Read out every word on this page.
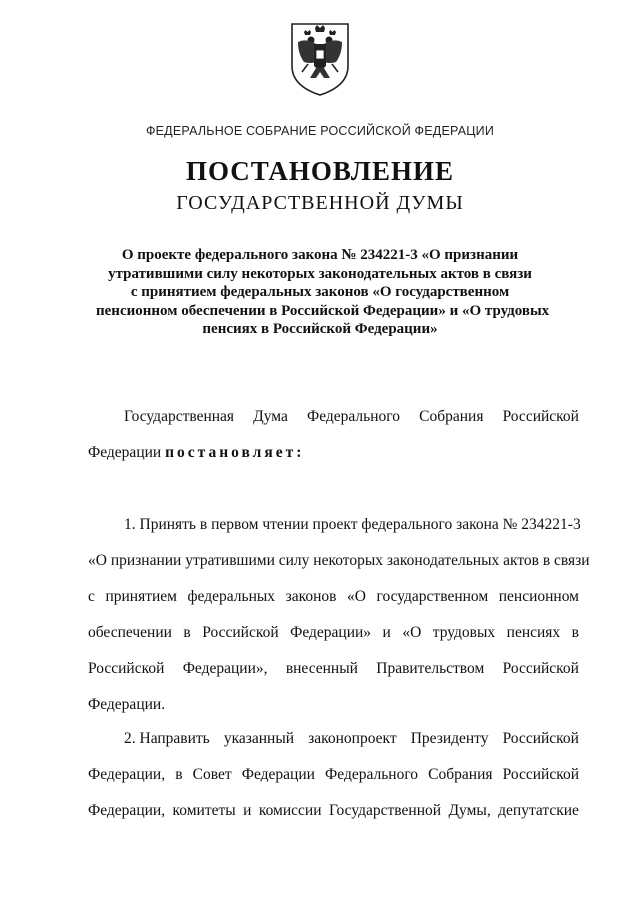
ФЕДЕРАЛЬНОЕ СОБРАНИЕ РОССИЙСКОЙ ФЕДЕРАЦИИ
ПОСТАНОВЛЕНИЕ
ГОСУДАРСТВЕННОЙ ДУМЫ
О проекте федерального закона № 234221-3 «О признании
утратившими силу некоторых законодательных актов в связи
с принятием федеральных законов «О государственном
пенсионном обеспечении в Российской Федерации» и «О трудовых
пенсиях в Российской Федерации»
Государственная Дума Федерального Собрания Российской
Федерации постановляет:
1. Принять в первом чтении проект федерального закона № 234221-3
«О признании утратившими силу некоторых законодательных актов в связи
с принятием федеральных законов «О государственном пенсионном
обеспечении в Российской Федерации» и «О трудовых пенсиях в
Российской Федерации», внесенный Правительством Российской
Федерации.
2. Направить указанный законопроект Президенту Российской
Федерации, в Совет Федерации Федерального Собрания Российской
Федерации, комитеты и комиссии Государственной Думы, депутатские
